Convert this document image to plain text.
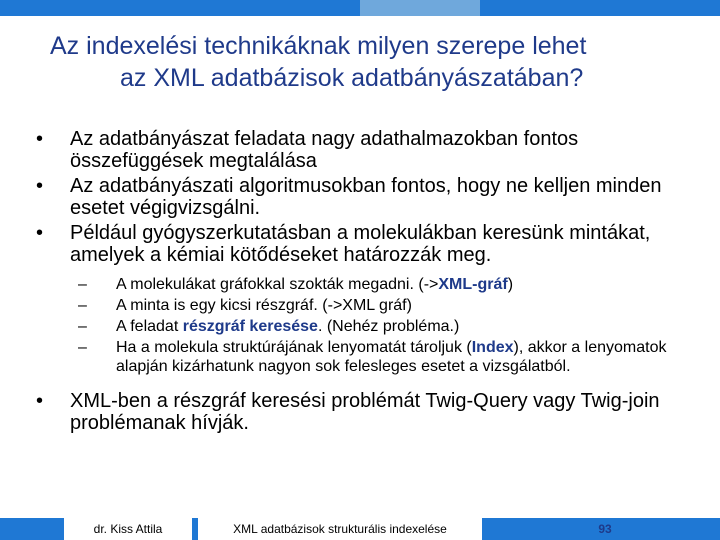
Az indexelési technikáknak milyen szerepe lehet
az XML adatbázisok adatbányászatában?
•	Az adatbányászat feladata nagy adathalmazokban fontos összefüggések megtalálása
•	Az adatbányászati algoritmusokban fontos, hogy ne kelljen minden esetet végigvizsgálni.
•	Például gyógyszerkutatásban a molekulákban keresünk mintákat, amelyek a kémiai kötődéseket határozzák meg.
–	A molekulákat gráfokkal szokták megadni. (->XML-gráf)
–	A minta is egy kicsi részgráf. (->XML gráf)
–	A feladat részgráf keresése. (Nehéz probléma.)
–	Ha a molekula struktúrájának lenyomatát tároljuk (Index), akkor a lenyomatok alapján kizárhatunk nagyon sok felesleges esetet a vizsgálatból.
•	XML-ben a részgráf keresési problémát Twig-Query vagy Twig-join problémanak hívják.
dr. Kiss Attila	XML adatbázisok strukturális indexelése	93
